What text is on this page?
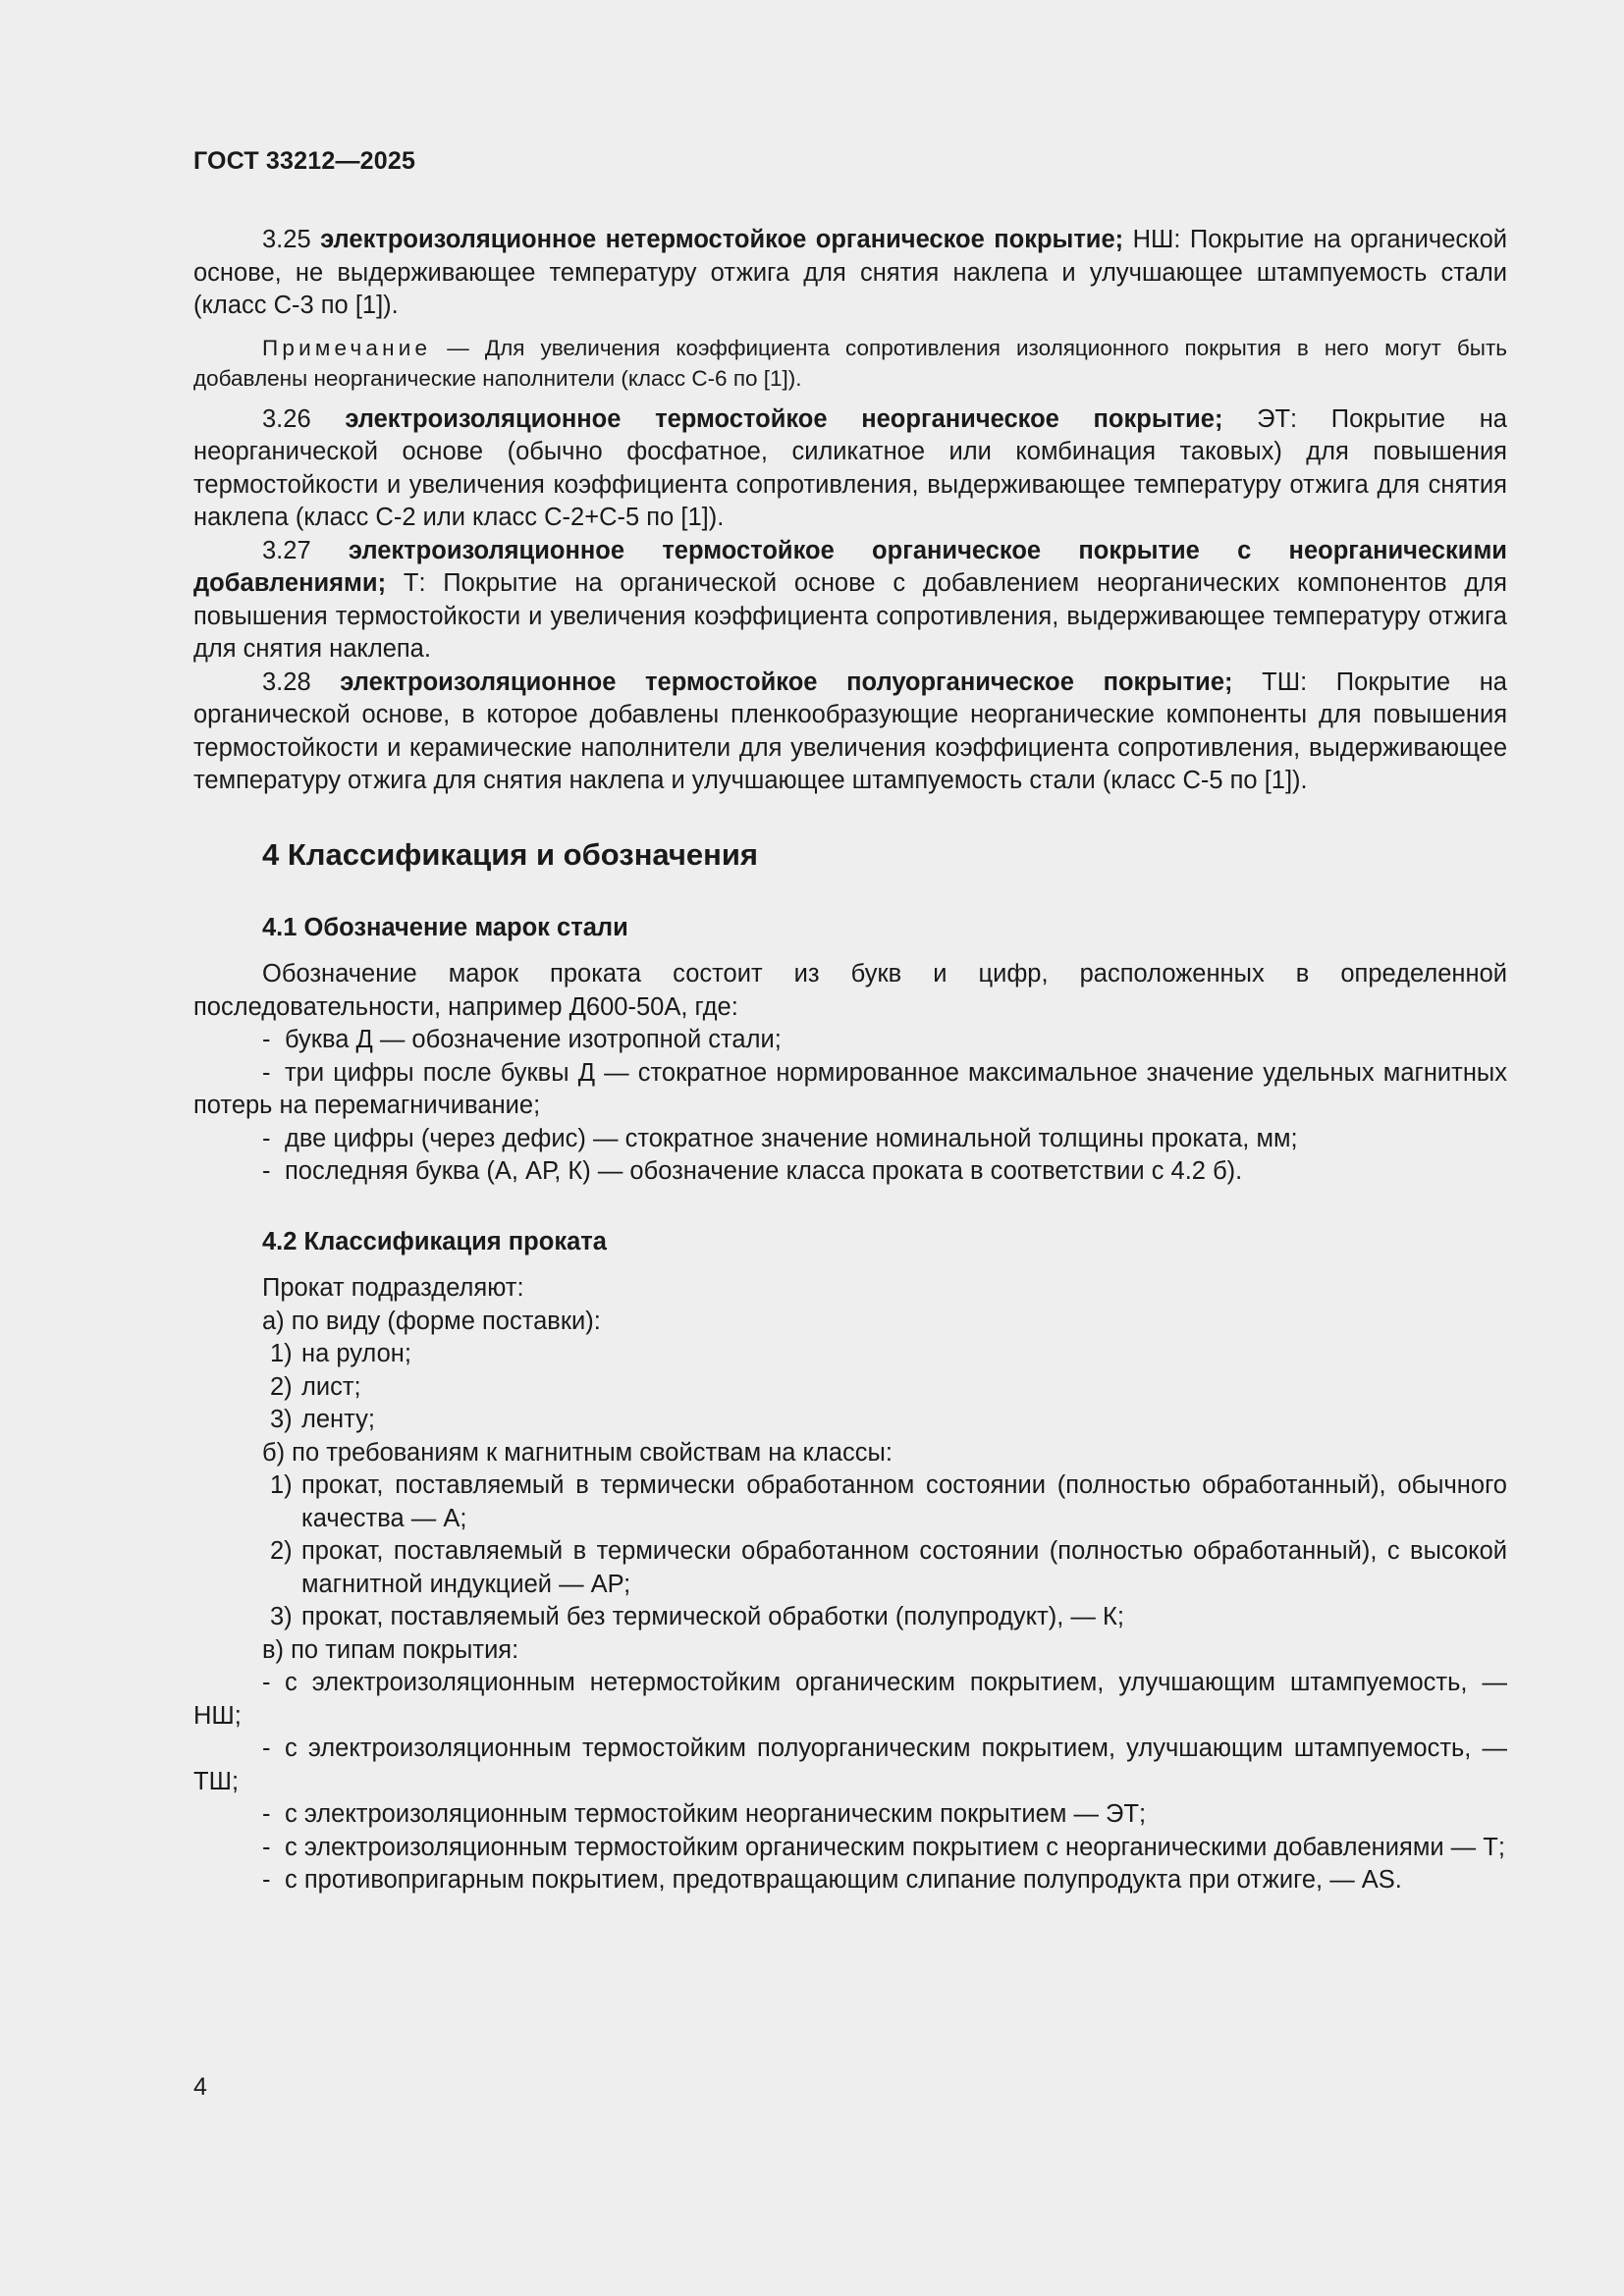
ГОСТ 33212—2025

3.25 электроизоляционное нетермостойкое органическое покрытие; НШ: Покрытие на органической основе, не выдерживающее температуру отжига для снятия наклепа и улучшающее штампуемость стали (класс С-3 по [1]).

Примечание — Для увеличения коэффициента сопротивления изоляционного покрытия в него могут быть добавлены неорганические наполнители (класс С-6 по [1]).

3.26 электроизоляционное термостойкое неорганическое покрытие; ЭТ: Покрытие на неорганической основе (обычно фосфатное, силикатное или комбинация таковых) для повышения термостойкости и увеличения коэффициента сопротивления, выдерживающее температуру отжига для снятия наклепа (класс С-2 или класс С-2+С-5 по [1]).

3.27 электроизоляционное термостойкое органическое покрытие с неорганическими добавлениями; Т: Покрытие на органической основе с добавлением неорганических компонентов для повышения термостойкости и увеличения коэффициента сопротивления, выдерживающее температуру отжига для снятия наклепа.

3.28 электроизоляционное термостойкое полуорганическое покрытие; ТШ: Покрытие на органической основе, в которое добавлены пленкообразующие неорганические компоненты для повышения термостойкости и керамические наполнители для увеличения коэффициента сопротивления, выдерживающее температуру отжига для снятия наклепа и улучшающее штампуемость стали (класс С-5 по [1]).

4 Классификация и обозначения

4.1 Обозначение марок стали

Обозначение марок проката состоит из букв и цифр, расположенных в определенной последовательности, например Д600-50А, где:

- буква Д — обозначение изотропной стали;

- три цифры после буквы Д — стократное нормированное максимальное значение удельных магнитных потерь на перемагничивание;

- две цифры (через дефис) — стократное значение номинальной толщины проката, мм;

- последняя буква (А, АР, К) — обозначение класса проката в соответствии с 4.2 б).

4.2 Классификация проката

Прокат подразделяют:

а) по виду (форме поставки):

1) на рулон;

2) лист;

3) ленту;

б) по требованиям к магнитным свойствам на классы:

1) прокат, поставляемый в термически обработанном состоянии (полностью обработанный), обычного качества — А;

2) прокат, поставляемый в термически обработанном состоянии (полностью обработанный), с высокой магнитной индукцией — АР;

3) прокат, поставляемый без термической обработки (полупродукт), — К;

в) по типам покрытия:

- с электроизоляционным нетермостойким органическим покрытием, улучшающим штампуемость, — НШ;

- с электроизоляционным термостойким полуорганическим покрытием, улучшающим штампуемость, — ТШ;

- с электроизоляционным термостойким неорганическим покрытием — ЭТ;

- с электроизоляционным термостойким органическим покрытием с неорганическими добавлениями — Т;

- с противопригарным покрытием, предотвращающим слипание полупродукта при отжиге, — AS.

4
